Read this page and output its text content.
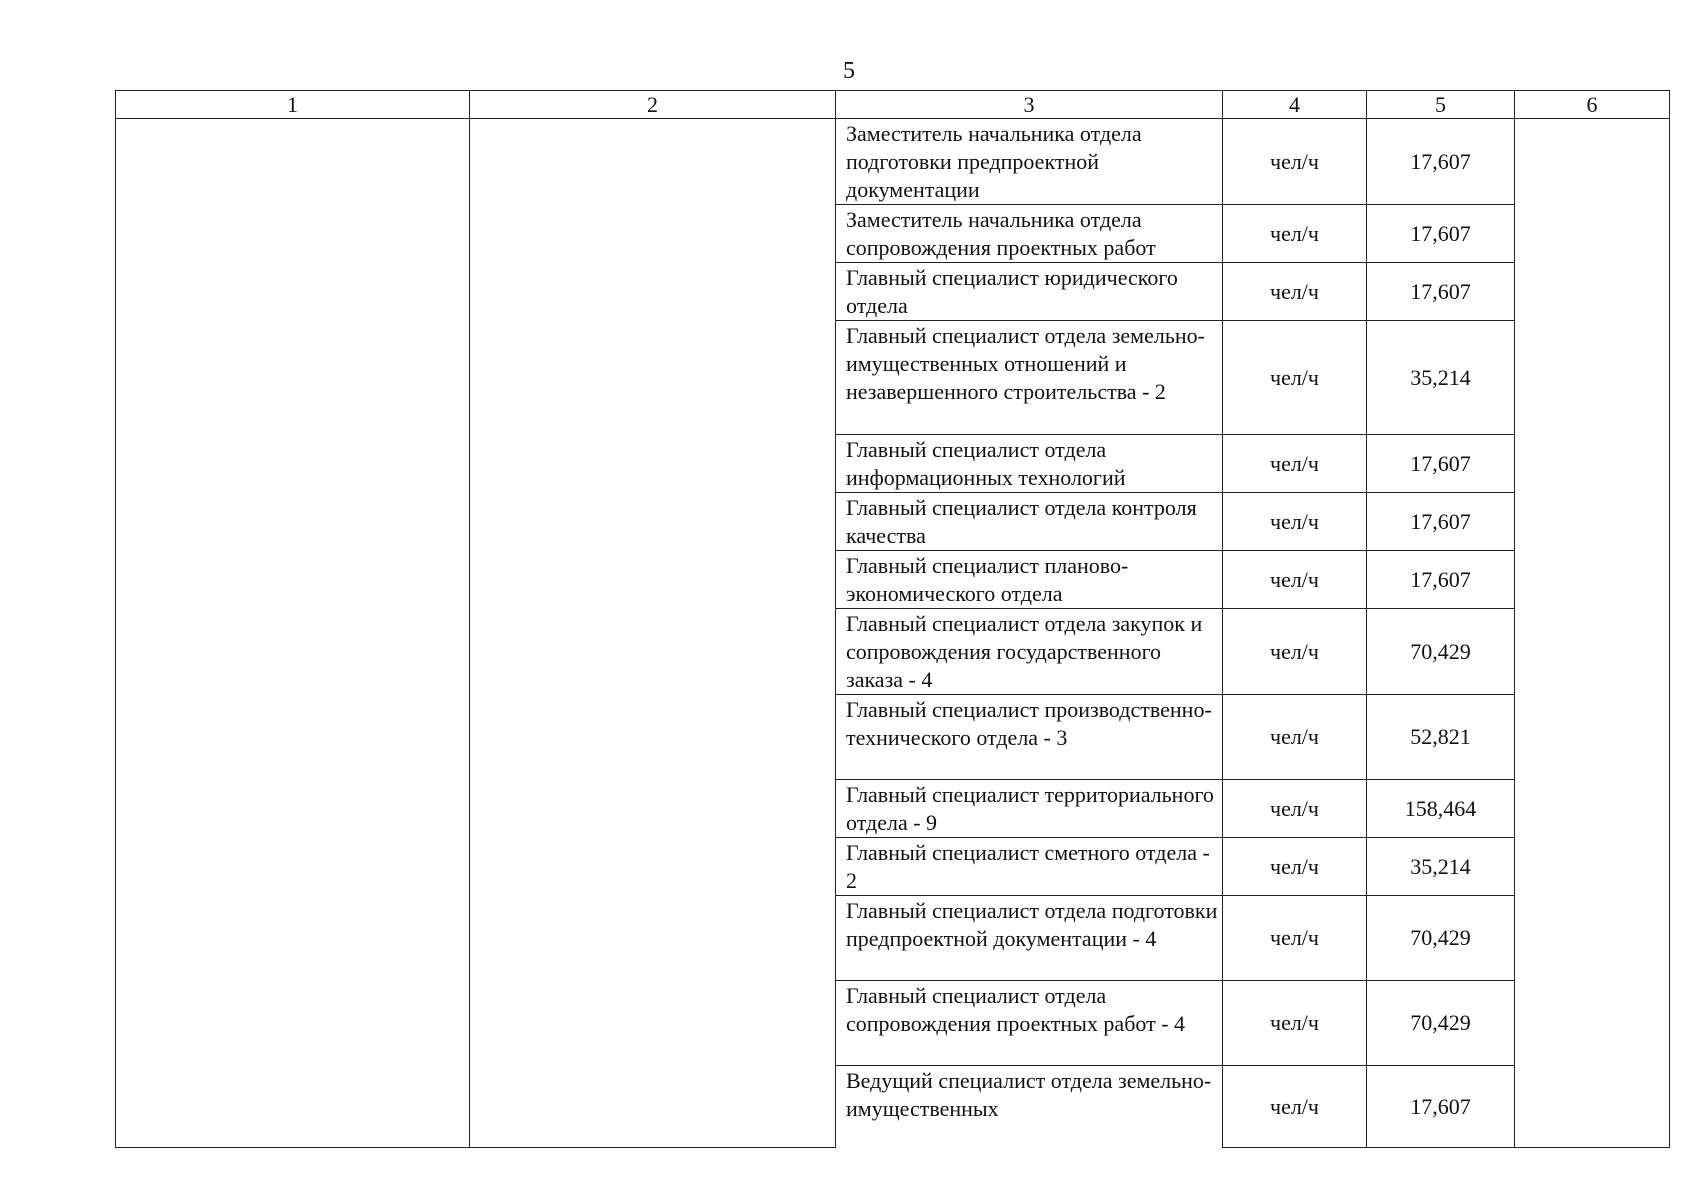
5
1	2	3	4	5	6
		Заместитель начальника отдела подготовки предпроектной документации	чел/ч	17,607	
		Заместитель начальника отдела сопровождения проектных работ	чел/ч	17,607	
		Главный специалист юридического отдела	чел/ч	17,607	
		Главный специалист отдела земельно-имущественных отношений и незавершенного строительства - 2	чел/ч	35,214	
		Главный специалист отдела информационных технологий	чел/ч	17,607	
		Главный специалист отдела контроля качества	чел/ч	17,607	
		Главный специалист планово-экономического отдела	чел/ч	17,607	
		Главный специалист отдела закупок и сопровождения государственного заказа - 4	чел/ч	70,429	
		Главный специалист производственно-технического отдела - 3	чел/ч	52,821	
		Главный специалист территориального отдела - 9	чел/ч	158,464	
		Главный специалист сметного отдела - 2	чел/ч	35,214	
		Главный специалист отдела подготовки предпроектной документации - 4	чел/ч	70,429	
		Главный специалист отдела сопровождения проектных работ - 4	чел/ч	70,429	
		Ведущий специалист отдела земельно-имущественных	чел/ч	17,607	
